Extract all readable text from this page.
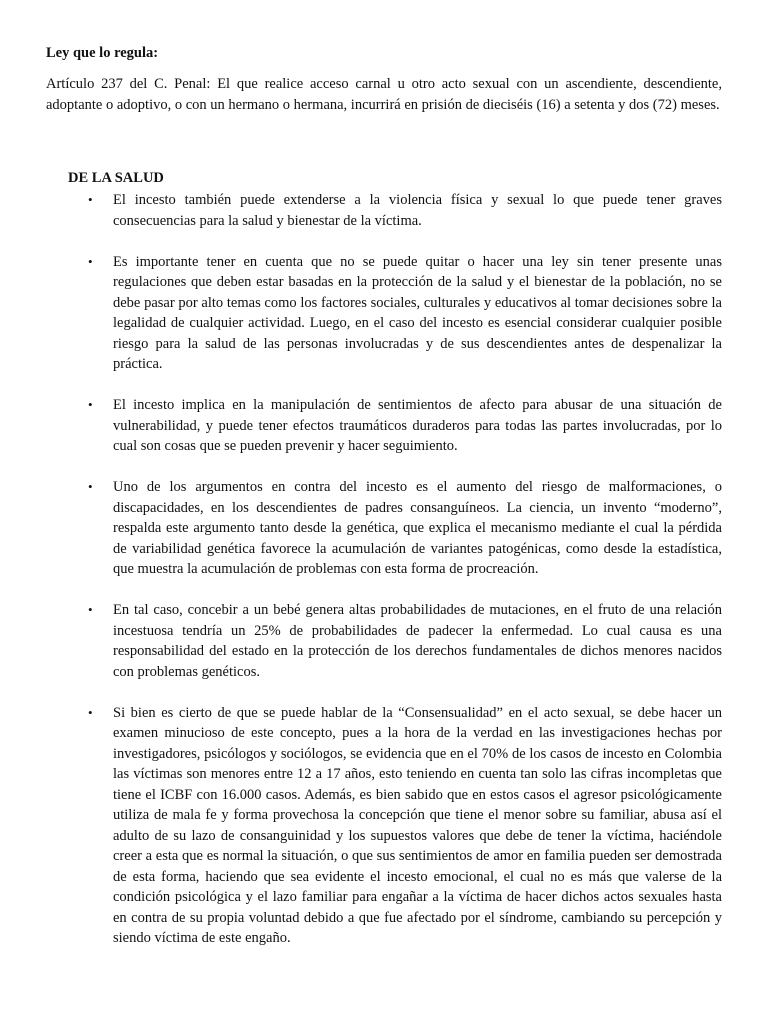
Ley que lo regula:

Artículo 237 del C. Penal: El que realice acceso carnal u otro acto sexual con un ascendiente, descendiente, adoptante o adoptivo, o con un hermano o hermana, incurrirá en prisión de dieciséis (16) a setenta y dos (72) meses.

DE LA SALUD

• El incesto también puede extenderse a la violencia física y sexual lo que puede tener graves consecuencias para la salud y bienestar de la víctima.
• Es importante tener en cuenta que no se puede quitar o hacer una ley sin tener presente unas regulaciones que deben estar basadas en la protección de la salud y el bienestar de la población, no se debe pasar por alto temas como los factores sociales, culturales y educativos al tomar decisiones sobre la legalidad de cualquier actividad. Luego, en el caso del incesto es esencial considerar cualquier posible riesgo para la salud de las personas involucradas y de sus descendientes antes de despenalizar la práctica.
• El incesto implica en la manipulación de sentimientos de afecto para abusar de una situación de vulnerabilidad, y puede tener efectos traumáticos duraderos para todas las partes involucradas, por lo cual son cosas que se pueden prevenir y hacer seguimiento.
• Uno de los argumentos en contra del incesto es el aumento del riesgo de malformaciones, o discapacidades, en los descendientes de padres consanguíneos. La ciencia, un invento “moderno”, respalda este argumento tanto desde la genética, que explica el mecanismo mediante el cual la pérdida de variabilidad genética favorece la acumulación de variantes patogénicas, como desde la estadística, que muestra la acumulación de problemas con esta forma de procreación.
• En tal caso, concebir a un bebé genera altas probabilidades de mutaciones, en el fruto de una relación incestuosa tendría un 25% de probabilidades de padecer la enfermedad. Lo cual causa es una responsabilidad del estado en la protección de los derechos fundamentales de dichos menores nacidos con problemas genéticos.
• Si bien es cierto de que se puede hablar de la “Consensualidad” en el acto sexual, se debe hacer un examen minucioso de este concepto, pues a la hora de la verdad en las investigaciones hechas por investigadores, psicólogos y sociólogos, se evidencia que en el 70% de los casos de incesto en Colombia las víctimas son menores entre 12 a 17 años, esto teniendo en cuenta tan solo las cifras incompletas que tiene el ICBF con 16.000 casos. Además, es bien sabido que en estos casos el agresor psicológicamente utiliza de mala fe y forma provechosa la concepción que tiene el menor sobre su familiar, abusa así el adulto de su lazo de consanguinidad y los supuestos valores que debe de tener la víctima, haciéndole creer a esta que es normal la situación, o que sus sentimientos de amor en familia pueden ser demostrada de esta forma, haciendo que sea evidente el incesto emocional, el cual no es más que valerse de la condición psicológica y el lazo familiar para engañar a la víctima de hacer dichos actos sexuales hasta en contra de su propia voluntad debido a que fue afectado por el síndrome, cambiando su percepción y siendo víctima de este engaño.
